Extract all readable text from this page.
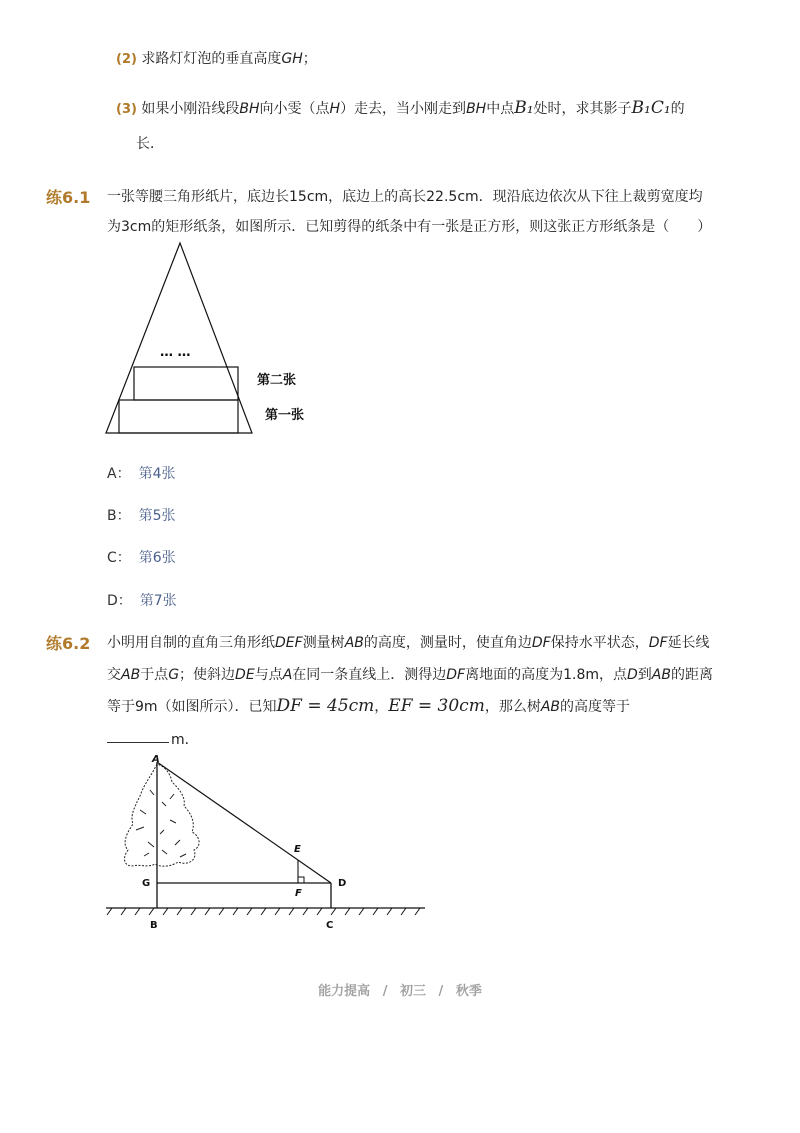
(2) 求路灯灯泡的垂直高度GH；
(3) 如果小刚沿线段BH向小雯（点H）走去，当小刚走到BH中点B₁处时，求其影子B₁C₁的
长．
练6.1 一张等腰三角形纸片，底边长15cm，底边上的高长22.5cm．现沿底边依次从下往上裁剪宽度均
为3cm的矩形纸条，如图所示．已知剪得的纸条中有一张是正方形，则这张正方形纸条是（　　）
… …
第二张
第一张
A： 第4张
B： 第5张
C： 第6张
D： 第7张
练6.2 小明用自制的直角三角形纸DEF测量树AB的高度，测量时，使直角边DF保持水平状态，DF延长线
交AB于点G；使斜边DE与点A在同一条直线上．测得边DF离地面的高度为1.8m，点D到AB的距离
等于9m（如图所示）．已知DF = 45cm，EF = 30cm，那么树AB的高度等于
m．
A
E
G
F
D
B	C
能力提高 / 初三 / 秋季
